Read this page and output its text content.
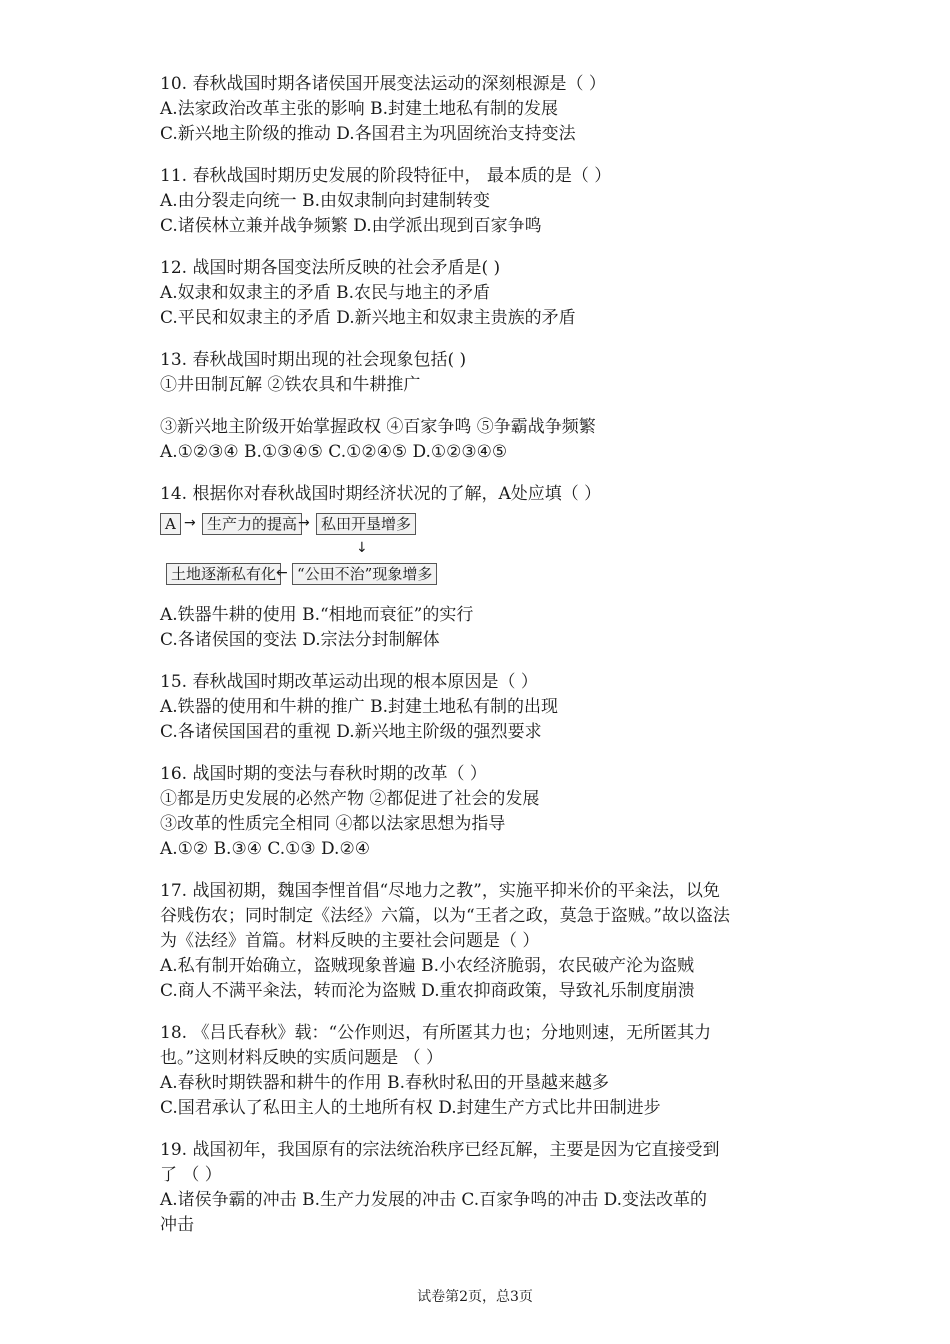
10. 春秋战国时期各诸侯国开展变法运动的深刻根源是（ ）
A.法家政治改革主张的影响 B.封建土地私有制的发展
C.新兴地主阶级的推动 D.各国君主为巩固统治支持变法
11. 春秋战国时期历史发展的阶段特征中， 最本质的是（ ）
A.由分裂走向统一 B.由奴隶制向封建制转变
C.诸侯林立兼并战争频繁 D.由学派出现到百家争鸣
12. 战国时期各国变法所反映的社会矛盾是( )
A.奴隶和奴隶主的矛盾 B.农民与地主的矛盾
C.平民和奴隶主的矛盾 D.新兴地主和奴隶主贵族的矛盾
13. 春秋战国时期出现的社会现象包括( )
①井田制瓦解 ②铁农具和牛耕推广
③新兴地主阶级开始掌握政权 ④百家争鸣 ⑤争霸战争频繁
A.①②③④ B.①③④⑤ C.①②④⑤ D.①②③④⑤
14. 根据你对春秋战国时期经济状况的了解，A处应填（ ）
A → 生产力的提高 → 私田开垦增多
↓
土地逐渐私有化 ← “公田不治”现象增多
A.铁器牛耕的使用 B.“相地而衰征”的实行
C.各诸侯国的变法 D.宗法分封制解体
15. 春秋战国时期改革运动出现的根本原因是（ ）
A.铁器的使用和牛耕的推广 B.封建土地私有制的出现
C.各诸侯国国君的重视 D.新兴地主阶级的强烈要求
16. 战国时期的变法与春秋时期的改革（ ）
①都是历史发展的必然产物 ②都促进了社会的发展
③改革的性质完全相同 ④都以法家思想为指导
A.①② B.③④ C.①③ D.②④
17. 战国初期，魏国李悝首倡“尽地力之教”，实施平抑米价的平籴法，以免
谷贱伤农；同时制定《法经》六篇，以为“王者之政，莫急于盗贼。”故以盗法
为《法经》首篇。材料反映的主要社会问题是（ ）
A.私有制开始确立，盗贼现象普遍 B.小农经济脆弱，农民破产沦为盗贼
C.商人不满平籴法，转而沦为盗贼 D.重农抑商政策，导致礼乐制度崩溃
18. 《吕氏春秋》载：“公作则迟，有所匿其力也；分地则速，无所匿其力
也。”这则材料反映的实质问题是 （ ）
A.春秋时期铁器和耕牛的作用 B.春秋时私田的开垦越来越多
C.国君承认了私田主人的土地所有权 D.封建生产方式比井田制进步
19. 战国初年，我国原有的宗法统治秩序已经瓦解，主要是因为它直接受到
了 （ ）
A.诸侯争霸的冲击 B.生产力发展的冲击 C.百家争鸣的冲击 D.变法改革的
冲击
试卷第2页，总3页
